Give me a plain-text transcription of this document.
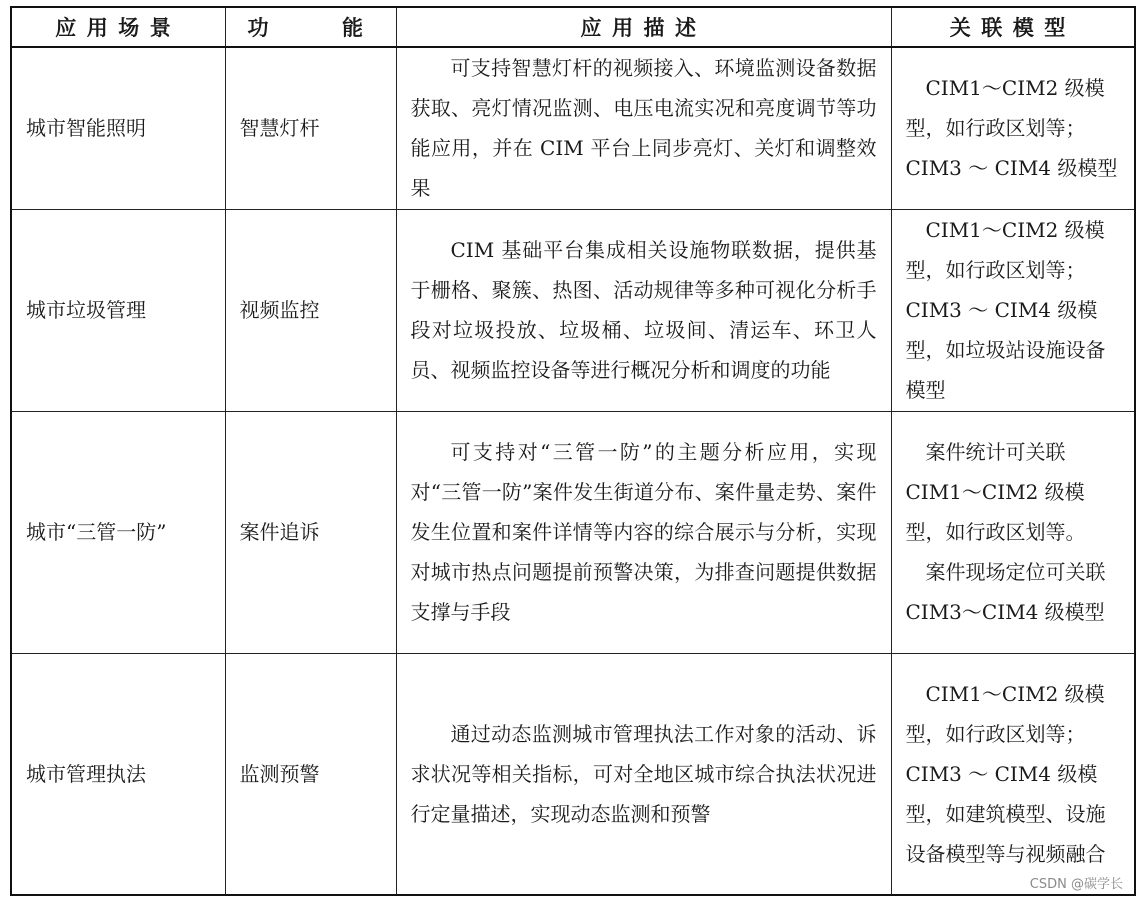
应用场景	功　　能	应用描述	关联模型
城市智能照明	智慧灯杆	可支持智慧灯杆的视频接入、环境监测设备数据获取、亮灯情况监测、电压电流实况和亮度调节等功能应用，并在 CIM 平台上同步亮灯、关灯和调整效果	CIM1～CIM2 级模型，如行政区划等； CIM3 ～ CIM4 级模型

城市垃圾管理	视频监控	CIM 基础平台集成相关设施物联数据，提供基于栅格、聚簇、热图、活动规律等多种可视化分析手段对垃圾投放、垃圾桶、垃圾间、清运车、环卫人员、视频监控设备等进行概况分析和调度的功能	CIM1～CIM2 级模型，如行政区划等； CIM3 ～ CIM4 级模型，如垃圾站设施设备模型

城市“三管一防”	案件追诉	可支持对“三管一防”的主题分析应用，实现对“三管一防”案件发生街道分布、案件量走势、案件发生位置和案件详情等内容的综合展示与分析，实现对城市热点问题提前预警决策，为排查问题提供数据支撑与手段	案件统计可关联 CIM1～CIM2 级模型，如行政区划等。
案件现场定位可关联 CIM3～CIM4 级模型

城市管理执法	监测预警	通过动态监测城市管理执法工作对象的活动、诉求状况等相关指标，可对全地区城市综合执法状况进行定量描述，实现动态监测和预警	CIM1～CIM2 级模型，如行政区划等； CIM3 ～ CIM4 级模型，如建筑模型、设施设备模型等与视频融合
CSDN @碳学长
